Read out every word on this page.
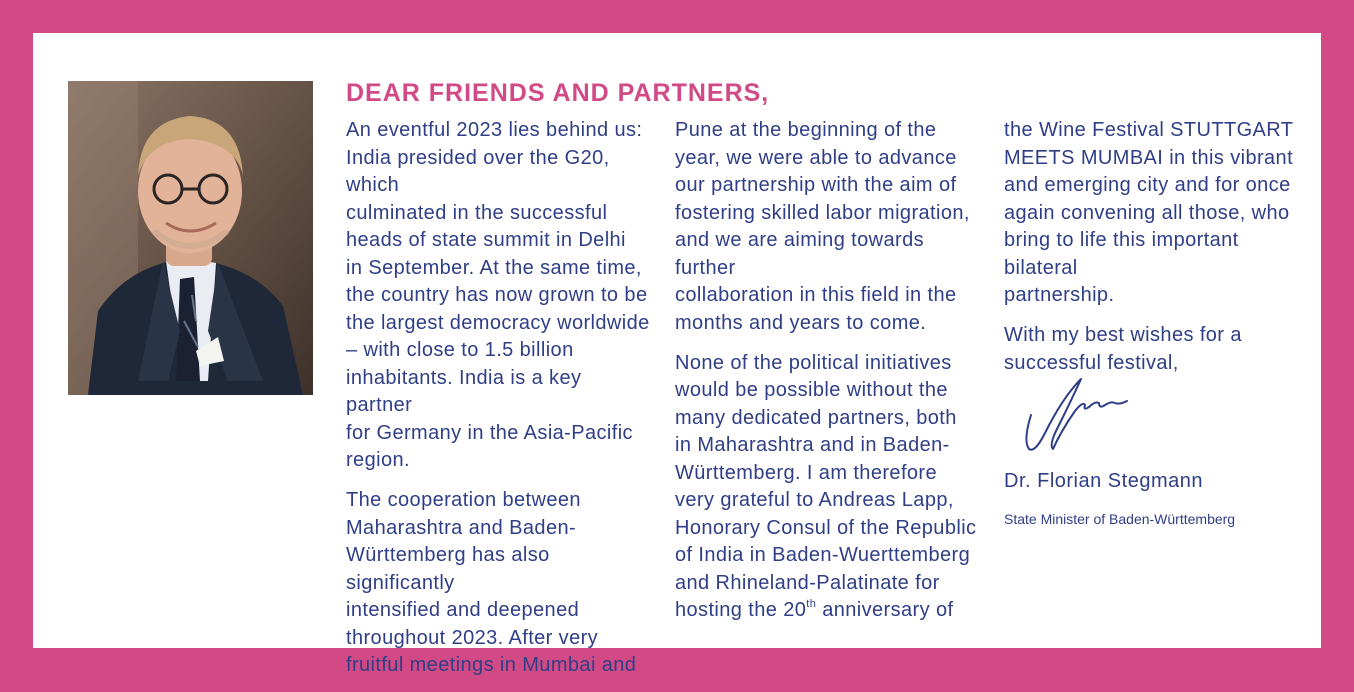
DEAR FRIENDS AND PARTNERS,

An eventful 2023 lies behind us:
India presided over the G20, which
culminated in the successful
heads of state summit in Delhi
in September. At the same time,
the country has now grown to be
the largest democracy worldwide
– with close to 1.5 billion
inhabitants. India is a key partner
for Germany in the Asia-Pacific
region.

The cooperation between
Maharashtra and Baden-
Württemberg has also significantly
intensified and deepened
throughout 2023. After very
fruitful meetings in Mumbai and

Pune at the beginning of the
year, we were able to advance
our partnership with the aim of
fostering skilled labor migration,
and we are aiming towards further
collaboration in this field in the
months and years to come.

None of the political initiatives
would be possible without the
many dedicated partners, both
in Maharashtra and in Baden-
Württemberg. I am therefore
very grateful to Andreas Lapp,
Honorary Consul of the Republic
of India in Baden-Wuerttemberg
and Rhineland-Palatinate for
hosting the 20th anniversary of

the Wine Festival STUTTGART
MEETS MUMBAI in this vibrant
and emerging city and for once
again convening all those, who
bring to life this important bilateral
partnership.

With my best wishes for a
successful festival,

Dr. Florian Stegmann

State Minister of Baden-Württemberg
